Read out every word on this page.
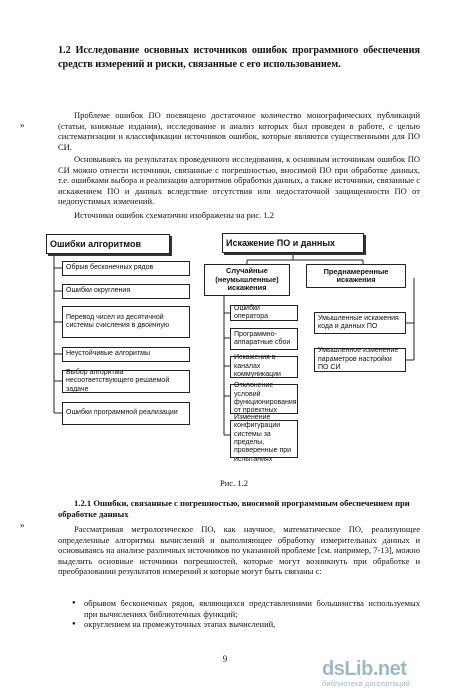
»
»
1.2 Исследование основных источников ошибок программного обеспечения средств измерений и риски, связанные с его использованием.
Проблеме ошибок ПО посвящено достаточное количество монографических публикаций (статьи, книжные издания), исследование и анализ которых был проведен в работе, с целью систематизации и классификации источников ошибок, которые являются существенными для ПО СИ.
Основываясь на результатах проведенного исследования, к основным источникам ошибок ПО СИ можно отнести источники, связанные с погрешностью, вносимой ПО при обработке данных, т.е. ошибками выбора и реализации алгоритмов обработки данных, а также источники, связанные с искажением ПО и данных вследствие отсутствия или недостаточной защищенности ПО от недопустимых изменений.
Источники ошибок схематично изображены на рис. 1.2
Ошибки алгоритмов
Обрыв бесконечных рядов
Ошибки округления
Перевод чисел из десятичной системы счисления в двоичную
Неустойчивые алгоритмы
Выбор алгоритма несоответствующего решаемой задаче
Ошибки программной реализации
Искажение ПО и данных
Случайные (неумышленные) искажения
Ошибки оператора
Программно-аппаратные сбои
Искажения в каналах коммуникации
Отклонение условий функционирования от проектных
Изменение конфигурации системы за пределы, проверенные при испытаниях
Преднамеренные искажения
Умышленные искажения кода и данных ПО
Умышленное изменение параметров настройки ПО СИ
Рис. 1.2
1.2.1 Ошибки, связанные с погрешностью, вносимой программным обеспечением при обработке данных
Рассматривая метрологическое ПО, как научное, математическое ПО, реализующее определенные алгоритмы вычислений и выполняющее обработку измерительных данных и основываясь на анализе различных источников по указанной проблеме [см. например, 7-13], можно выделить основные источники погрешностей, которые могут возникнуть при обработке и преобразовании результатов измерений и которые могут быть связаны с:
● обрывом бесконечных рядов, являющихся представлениями большинства используемых при вычислениях библиотечных функций;
● округлением на промежуточных этапах вычислений,
9	dsLib.net
библиотека диссертаций
